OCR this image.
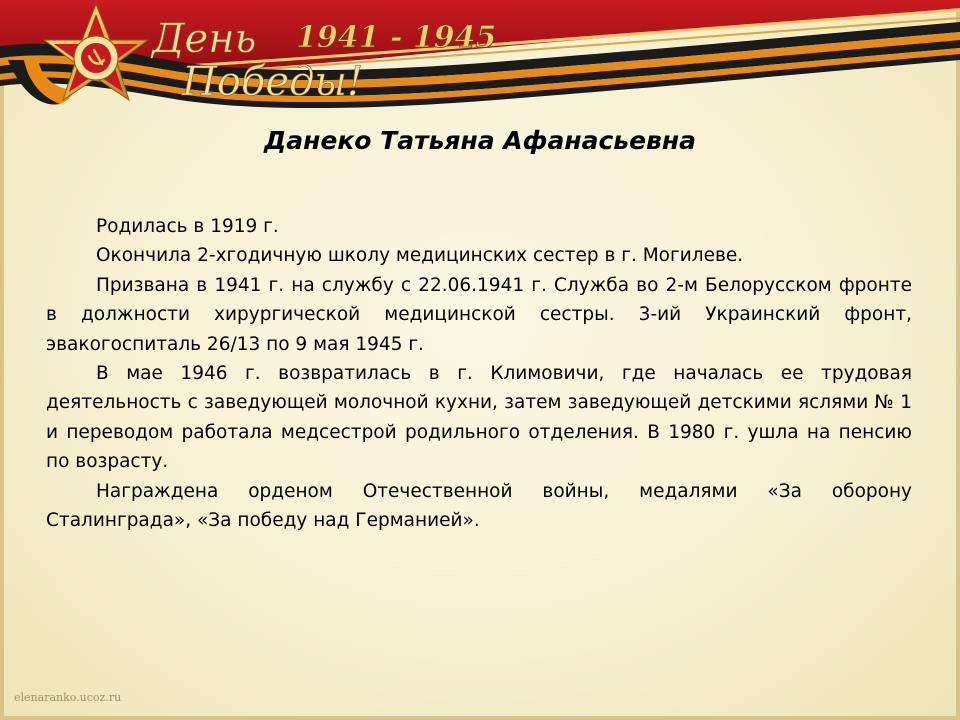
День
Победы!
1941 - 1945
Данеко Татьяна Афанасьевна

Родилась в 1919 г.

Окончила 2-хгодичную школу медицинских сестер в г. Могилеве.

Призвана в 1941 г. на службу с 22.06.1941 г. Служба во 2-м Белорусском фронте в должности хирургической медицинской сестры. 3-ий Украинский фронт, эвакогоспиталь 26/13 по 9 мая 1945 г.

В мае 1946 г. возвратилась в г. Климовичи, где началась ее трудовая деятельность с заведующей молочной кухни, затем заведующей детскими яслями № 1 и переводом работала медсестрой родильного отделения. В 1980 г. ушла на пенсию по возрасту.

Награждена орденом Отечественной войны, медалями «За оборону Сталинграда», «За победу над Германией».

elenaranko.ucoz.ru
